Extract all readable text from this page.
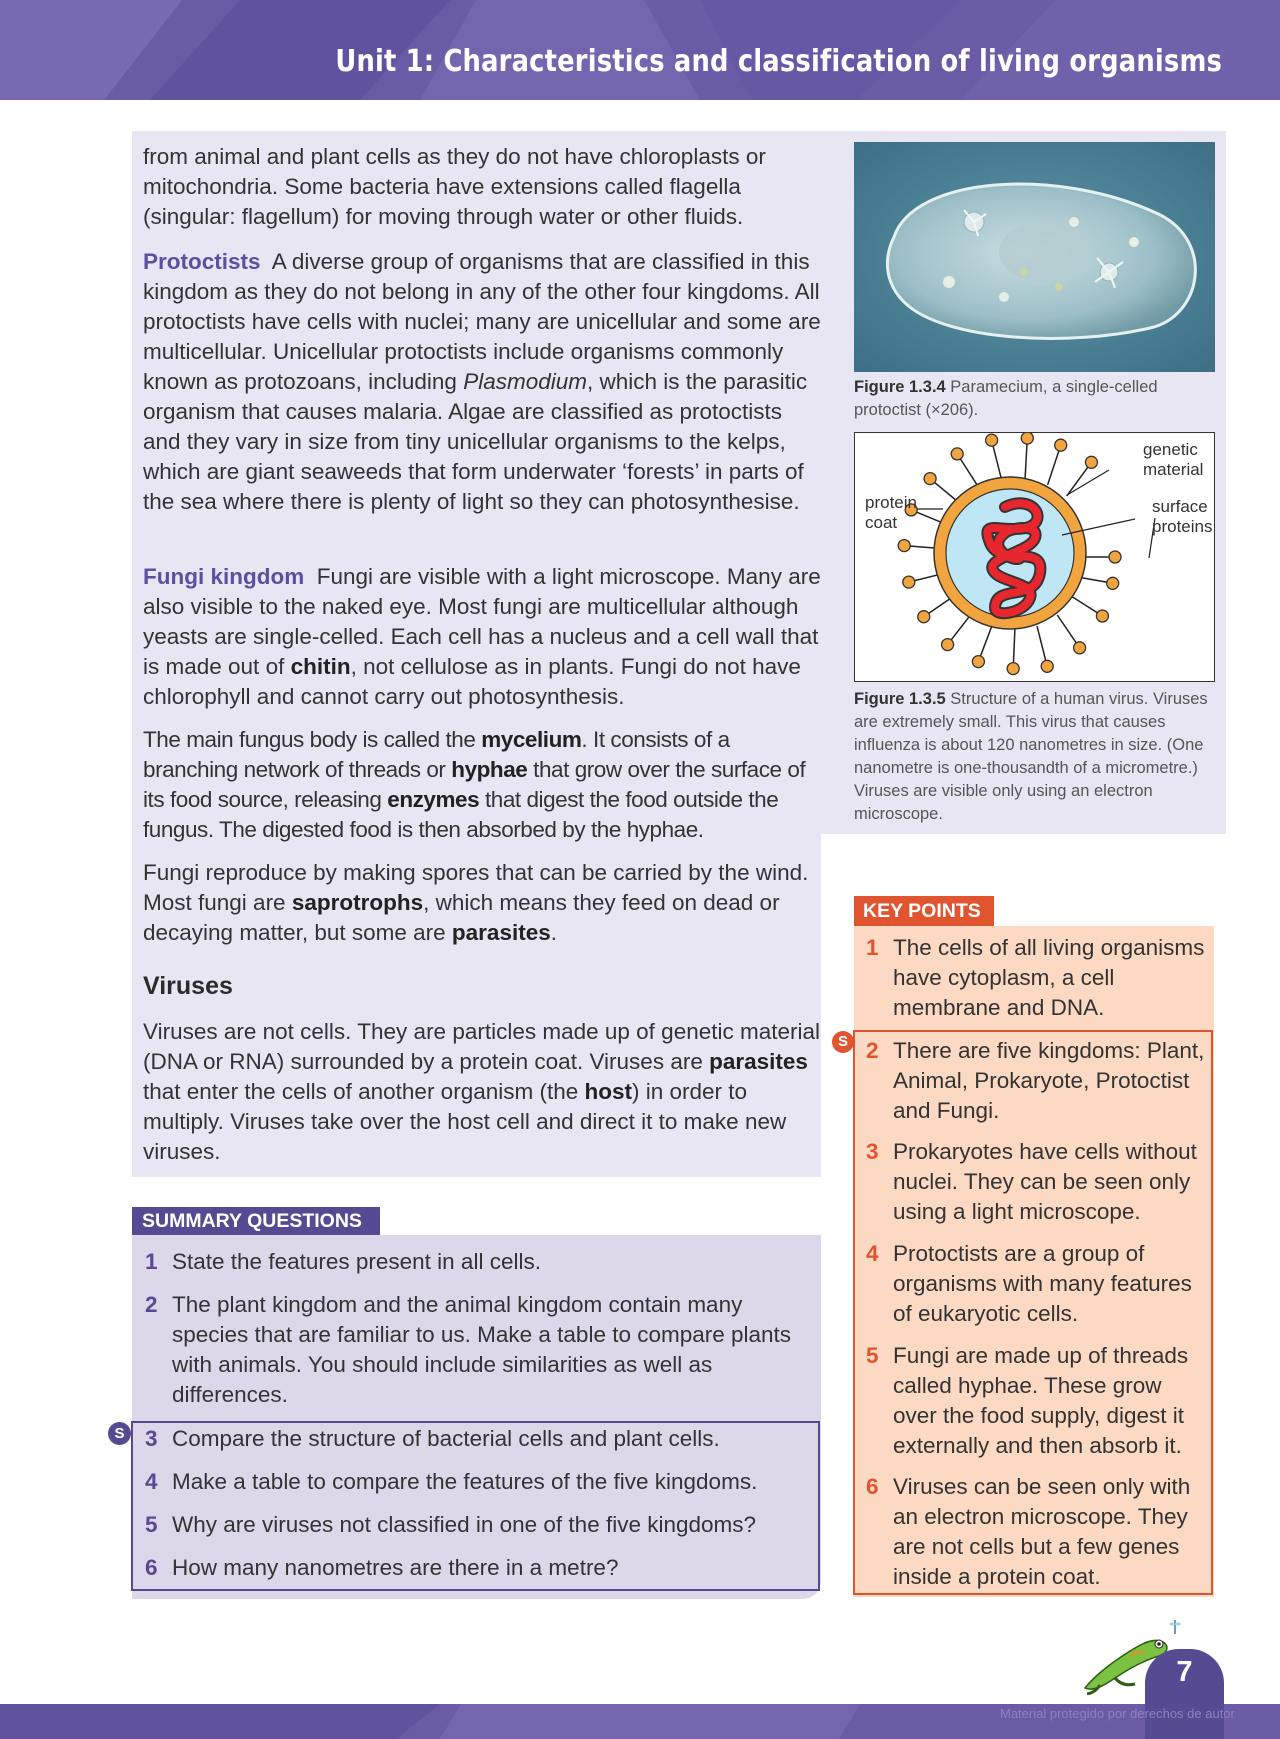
Unit 1: Characteristics and classification of living organisms

from animal and plant cells as they do not have chloroplasts or mitochondria. Some bacteria have extensions called flagella (singular: flagellum) for moving through water or other fluids.

Protoctists A diverse group of organisms that are classified in this kingdom as they do not belong in any of the other four kingdoms. All protoctists have cells with nuclei; many are unicellular and some are multicellular. Unicellular protoctists include organisms commonly known as protozoans, including Plasmodium, which is the parasitic organism that causes malaria. Algae are classified as protoctists and they vary in size from tiny unicellular organisms to the kelps, which are giant seaweeds that form underwater ‘forests’ in parts of the sea where there is plenty of light so they can photosynthesise.

Fungi kingdom Fungi are visible with a light microscope. Many are also visible to the naked eye. Most fungi are multicellular although yeasts are single-celled. Each cell has a nucleus and a cell wall that is made out of chitin, not cellulose as in plants. Fungi do not have chlorophyll and cannot carry out photosynthesis.

The main fungus body is called the mycelium. It consists of a branching network of threads or hyphae that grow over the surface of its food source, releasing enzymes that digest the food outside the fungus. The digested food is then absorbed by the hyphae.

Fungi reproduce by making spores that can be carried by the wind. Most fungi are saprotrophs, which means they feed on dead or decaying matter, but some are parasites.

Viruses

Viruses are not cells. They are particles made up of genetic material (DNA or RNA) surrounded by a protein coat. Viruses are parasites that enter the cells of another organism (the host) in order to multiply. Viruses take over the host cell and direct it to make new viruses.

Figure 1.3.4 Paramecium, a single-celled protoctist (×206).
genetic
material
protein
coat
surface
proteins
Figure 1.3.5 Structure of a human virus. Viruses are extremely small. This virus that causes influenza is about 120 nanometres in size. (One nanometre is one-thousandth of a micrometre.) Viruses are visible only using an electron microscope.
KEY POINTS
S
1 The cells of all living organisms have cytoplasm, a cell membrane and DNA.
2 There are five kingdoms: Plant, Animal, Prokaryote, Protoctist and Fungi.
3 Prokaryotes have cells without nuclei. They can be seen only using a light microscope.
4 Protoctists are a group of organisms with many features of eukaryotic cells.
5 Fungi are made up of threads called hyphae. These grow over the food supply, digest it externally and then absorb it.
6 Viruses can be seen only with an electron microscope. They are not cells but a few genes inside a protein coat.
SUMMARY QUESTIONS
S
1 State the features present in all cells.
2 The plant kingdom and the animal kingdom contain many species that are familiar to us. Make a table to compare plants with animals. You should include similarities as well as differences.
3 Compare the structure of bacterial cells and plant cells.
4 Make a table to compare the features of the five kingdoms.
5 Why are viruses not classified in one of the five kingdoms?
6 How many nanometres are there in a metre?
7
Material protegido por derechos de autor
